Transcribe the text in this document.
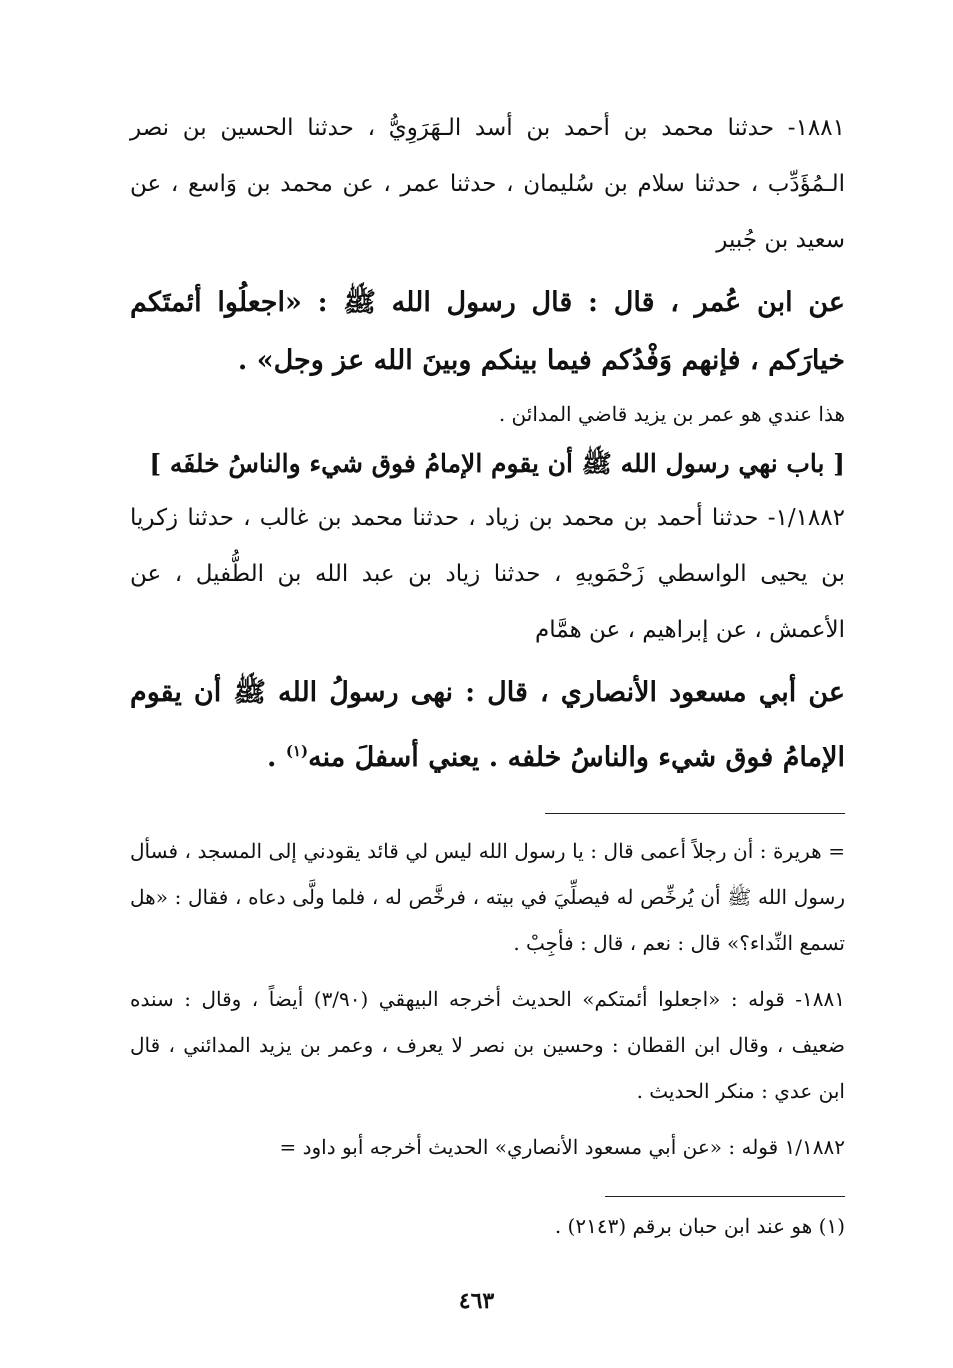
١٨٨١- حدثنا محمد بن أحمد بن أسد الـهَرَوِيُّ ، حدثنا الحسين بن نصر الـمُؤَدِّب ، حدثنا سلام بن سُليمان ، حدثنا عمر ، عن محمد بن وَاسع ، عن سعيد بن جُبير

عن ابن عُمر ، قال : قال رسول الله ﷺ : «اجعلُوا أئمتَكم خيارَكم ، فإنهم وَفْدُكم فيما بينكم وبينَ الله عز وجل» .

هذا عندي هو عمر بن يزيد قاضي المدائن .

[ باب نهي رسول الله ﷺ أن يقوم الإمامُ فوق شيء والناسُ خلفَه ]

١/١٨٨٢- حدثنا أحمد بن محمد بن زياد ، حدثنا محمد بن غالب ، حدثنا زكريا بن يحيى الواسطي زَحْمَويهِ ، حدثنا زياد بن عبد الله بن الطُّفيل ، عن الأعمش ، عن إبراهيم ، عن همَّام

عن أبي مسعود الأنصاري ، قال : نهى رسولُ الله ﷺ أن يقوم الإمامُ فوق شيء والناسُ خلفه . يعني أسفلَ منه$^{(١)}$ .

= هريرة : أن رجلاً أعمى قال : يا رسول الله ليس لي قائد يقودني إلى المسجد ، فسأل رسول الله ﷺ أن يُرخِّص له فيصلِّيَ في بيته ، فرخَّص له ، فلما ولَّى دعاه ، فقال : «هل تسمع النِّداء؟» قال : نعم ، قال : فأجِبْ .

١٨٨١- قوله : «اجعلوا أئمتكم» الحديث أخرجه البيهقي (٣/٩٠) أيضاً ، وقال : سنده ضعيف ، وقال ابن القطان : وحسين بن نصر لا يعرف ، وعمر بن يزيد المدائني ، قال ابن عدي : منكر الحديث .

١/١٨٨٢ قوله : «عن أبي مسعود الأنصاري» الحديث أخرجه أبو داود =

(١) هو عند ابن حبان برقم (٢١٤٣) .

٤٦٣
